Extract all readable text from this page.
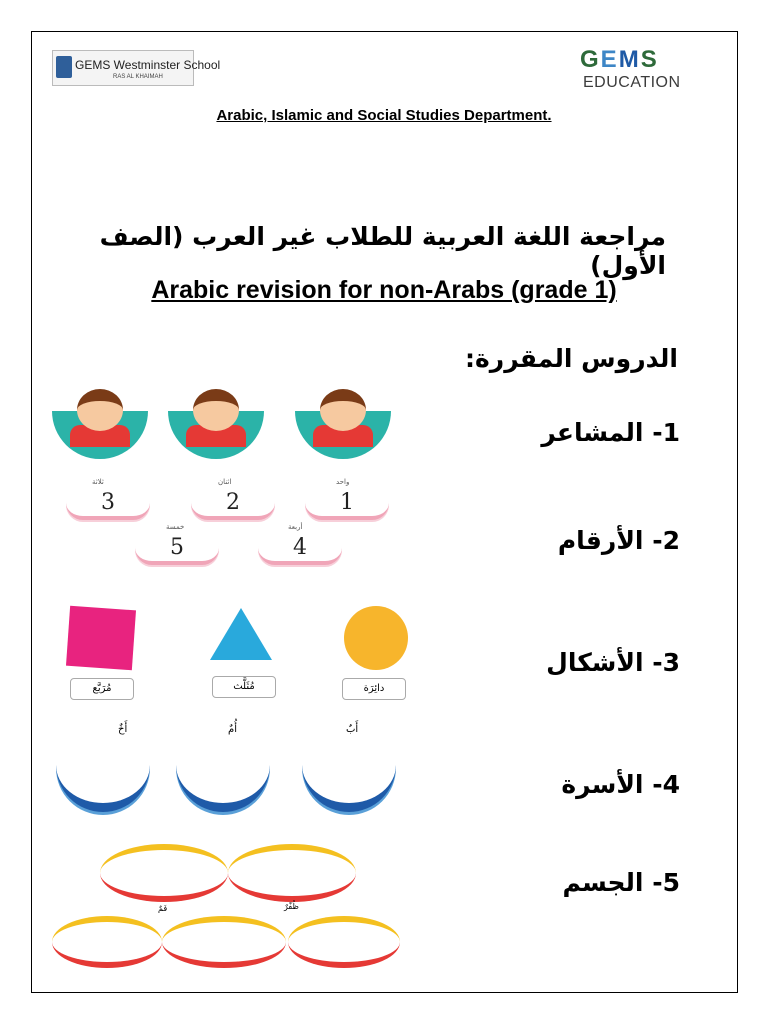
GEMS Westminster School
RAS AL KHAIMAH
GEMS
EDUCATION
Arabic, Islamic and Social Studies Department.
مراجعة اللغة العربية للطلاب غير العرب (الصف الأول)
Arabic revision for non-Arabs (grade 1)
الدروس المقررة:
1- المشاعر
2- الأرقام
3- الأشكال
4- الأسرة
5- الجسم
ثلاثة
3
اثنان
2
واحد
1
خمسة
5
أربعة
4
مُرَبَّع	مُثَلَّث	دائِرَة
أَخٌ	أُمٌ	أَبٌ
فَمٌ	ظُفْرٌ
